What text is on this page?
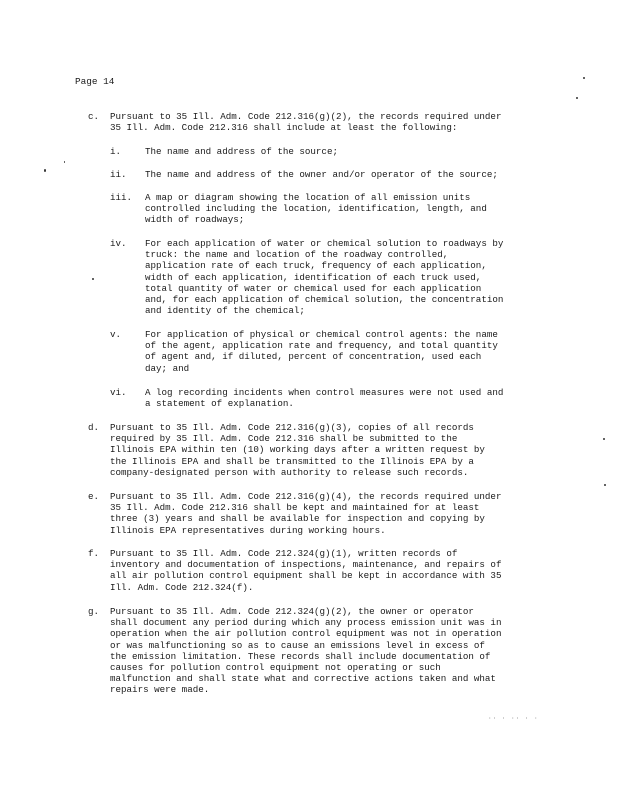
Page 14
c. Pursuant to 35 Ill. Adm. Code 212.316(g)(2), the records required under
35 Ill. Adm. Code 212.316 shall include at least the following:
i.	The name and address of the source;
ii. The name and address of the owner and/or operator of the source;
iii. A map or diagram showing the location of all emission units
controlled including the location, identification, length, and
width of roadways;
iv. For each application of water or chemical solution to roadways by
truck: the name and location of the roadway controlled,
application rate of each truck, frequency of each application,
width of each application, identification of each truck used,
total quantity of water or chemical used for each application
and, for each application of chemical solution, the concentration
and identity of the chemical;
v.	For application of physical or chemical control agents: the name
of the agent, application rate and frequency, and total quantity
of agent and, if diluted, percent of concentration, used each
day; and
vi. A log recording incidents when control measures were not used and
a statement of explanation.
d. Pursuant to 35 Ill. Adm. Code 212.316(g)(3), copies of all records
required by 35 Ill. Adm. Code 212.316 shall be submitted to the
Illinois EPA within ten (10) working days after a written request by
the Illinois EPA and shall be transmitted to the Illinois EPA by a
company-designated person with authority to release such records.
e. Pursuant to 35 Ill. Adm. Code 212.316(g)(4), the records required under
35 Ill. Adm. Code 212.316 shall be kept and maintained for at least
three (3) years and shall be available for inspection and copying by
Illinois EPA representatives during working hours.
f. Pursuant to 35 Ill. Adm. Code 212.324(g)(1), written records of
inventory and documentation of inspections, maintenance, and repairs of
all air pollution control equipment shall be kept in accordance with 35
Ill. Adm. Code 212.324(f).
g. Pursuant to 35 Ill. Adm. Code 212.324(g)(2), the owner or operator
shall document any period during which any process emission unit was in
operation when the air pollution control equipment was not in operation
or was malfunctioning so as to cause an emissions level in excess of
the emission limitation. These records shall include documentation of
causes for pollution control equipment not operating or such
malfunction and shall state what and corrective actions taken and what
repairs were made.
·· · ·· · ·
